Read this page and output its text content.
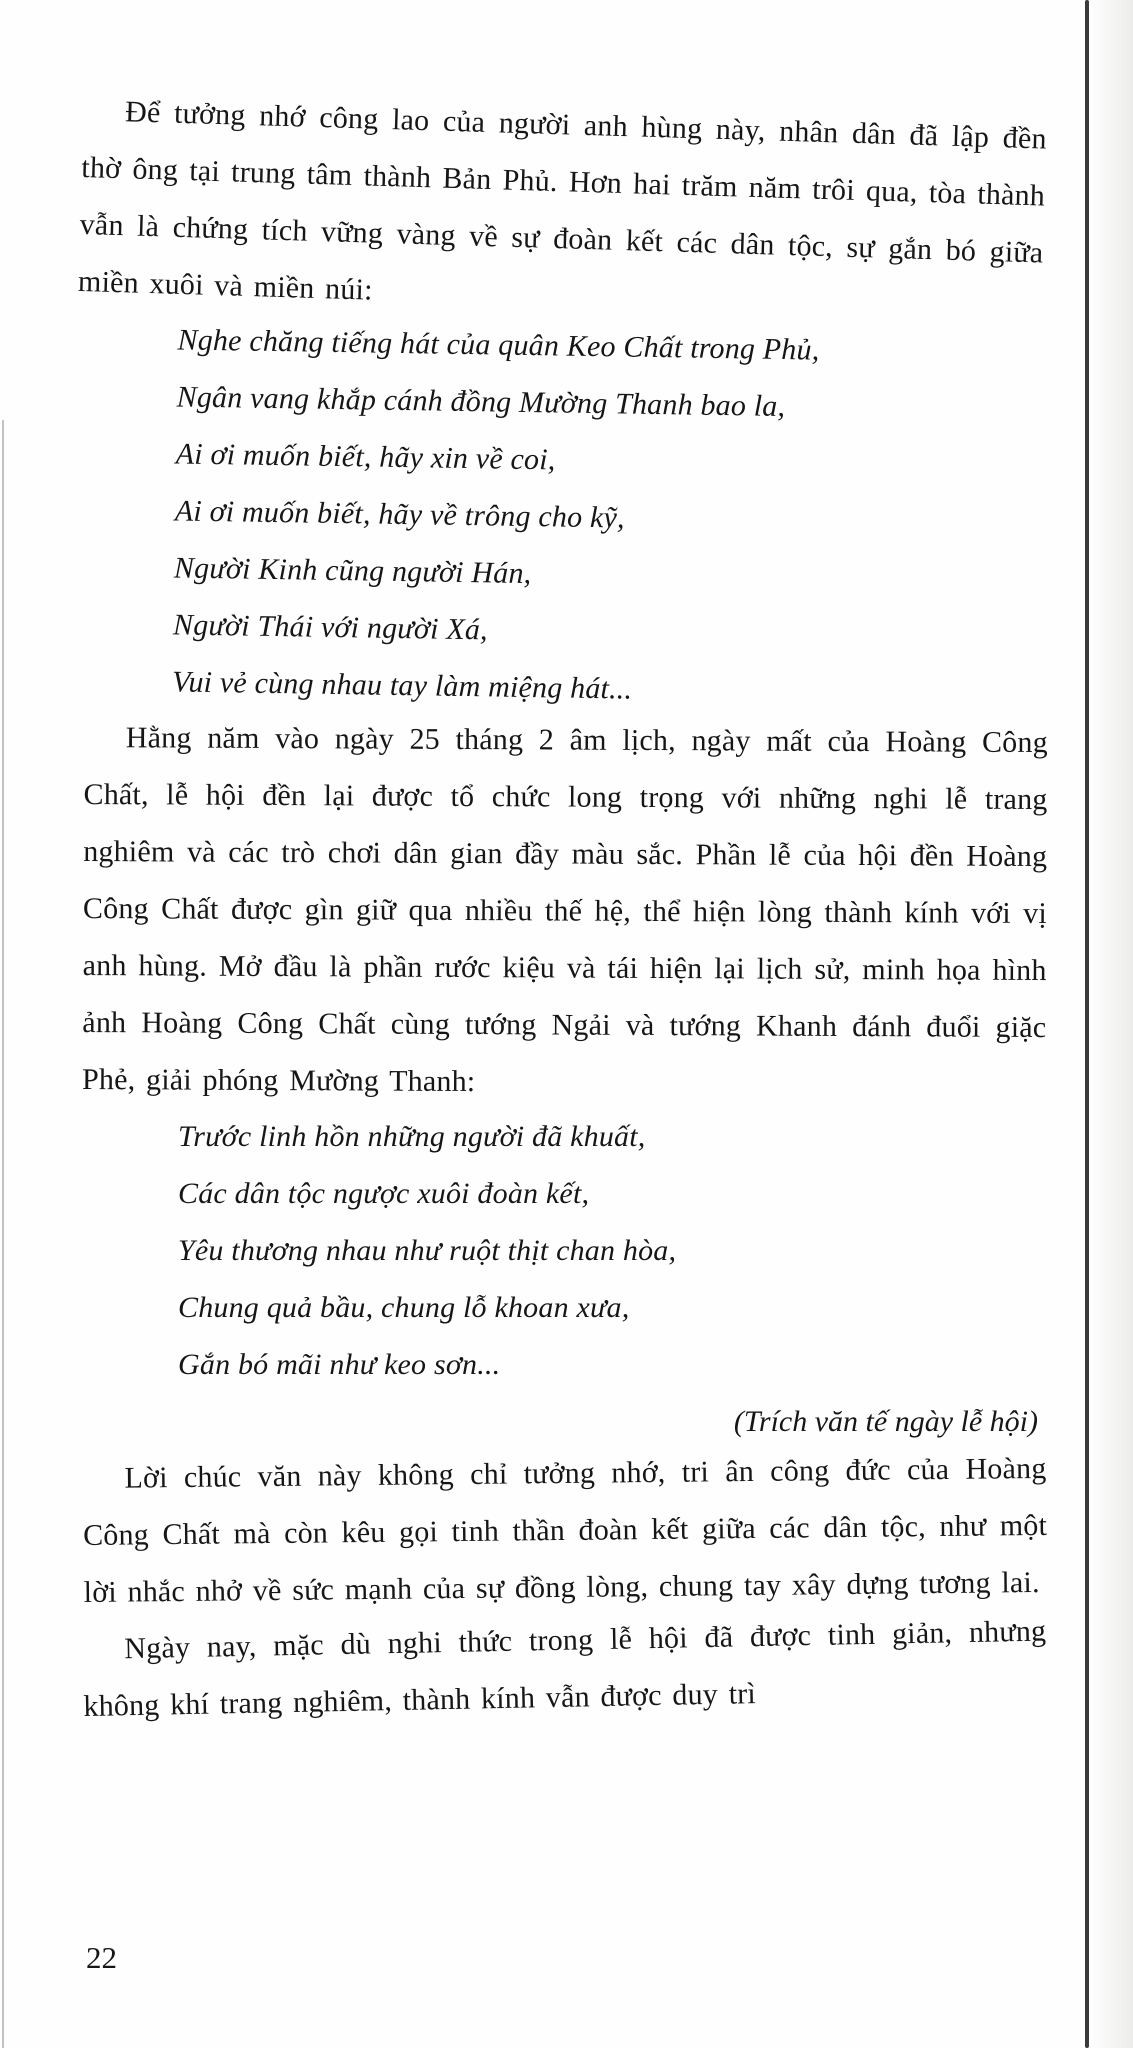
Để tưởng nhớ công lao của người anh hùng này, nhân dân đã lập đền thờ ông tại trung tâm thành Bản Phủ. Hơn hai trăm năm trôi qua, tòa thành vẫn là chứng tích vững vàng về sự đoàn kết các dân tộc, sự gắn bó giữa miền xuôi và miền núi:

Nghe chăng tiếng hát của quân Keo Chất trong Phủ,

Ngân vang khắp cánh đồng Mường Thanh bao la,

Ai ơi muốn biết, hãy xin về coi,

Ai ơi muốn biết, hãy về trông cho kỹ,

Người Kinh cũng người Hán,

Người Thái với người Xá,

Vui vẻ cùng nhau tay làm miệng hát...

Hằng năm vào ngày 25 tháng 2 âm lịch, ngày mất của Hoàng Công Chất, lễ hội đền lại được tổ chức long trọng với những nghi lễ trang nghiêm và các trò chơi dân gian đầy màu sắc. Phần lễ của hội đền Hoàng Công Chất được gìn giữ qua nhiều thế hệ, thể hiện lòng thành kính với vị anh hùng. Mở đầu là phần rước kiệu và tái hiện lại lịch sử, minh họa hình ảnh Hoàng Công Chất cùng tướng Ngải và tướng Khanh đánh đuổi giặc Phẻ, giải phóng Mường Thanh:

Trước linh hồn những người đã khuất,

Các dân tộc ngược xuôi đoàn kết,

Yêu thương nhau như ruột thịt chan hòa,

Chung quả bầu, chung lỗ khoan xưa,

Gắn bó mãi như keo sơn...

(Trích văn tế ngày lễ hội)

Lời chúc văn này không chỉ tưởng nhớ, tri ân công đức của Hoàng Công Chất mà còn kêu gọi tinh thần đoàn kết giữa các dân tộc, như một lời nhắc nhở về sức mạnh của sự đồng lòng, chung tay xây dựng tương lai.

Ngày nay, mặc dù nghi thức trong lễ hội đã được tinh giản, nhưng không khí trang nghiêm, thành kính vẫn được duy trì

22
